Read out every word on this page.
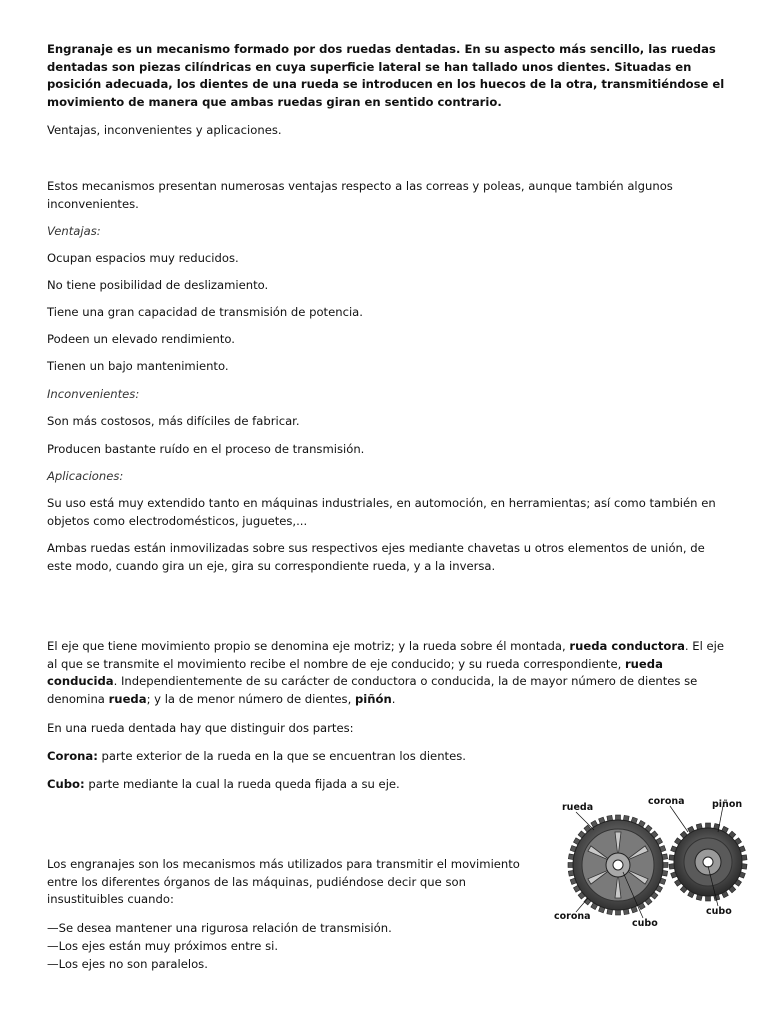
Engranaje es un mecanismo formado por dos ruedas dentadas. En su aspecto más sencillo, las ruedas dentadas son piezas cilíndricas en cuya superficie lateral se han tallado unos dientes. Situadas en posición adecuada, los dientes de una rueda se introducen en los huecos de la otra, transmitiéndose el movimiento de manera que ambas ruedas giran en sentido contrario.

Ventajas, inconvenientes y aplicaciones.

Estos mecanismos presentan numerosas ventajas respecto a las correas y poleas, aunque también algunos inconvenientes.

Ventajas:

Ocupan espacios muy reducidos.

No tiene posibilidad de deslizamiento.

Tiene una gran capacidad de transmisión de potencia.

Podeen un elevado rendimiento.

Tienen un bajo mantenimiento.

Inconvenientes:

Son más costosos, más difíciles de fabricar.

Producen bastante ruído en el proceso de transmisión.

Aplicaciones:

Su uso está muy extendido tanto en máquinas industriales, en automoción, en herramientas; así como también en objetos como electrodomésticos, juguetes,...

Ambas ruedas están inmovilizadas sobre sus respectivos ejes mediante chavetas u otros elementos de unión, de este modo, cuando gira un eje, gira su correspondiente rueda, y a la inversa.

El eje que tiene movimiento propio se denomina eje motriz; y la rueda sobre él montada, rueda conductora. El eje al que se transmite el movimiento recibe el nombre de eje conducido; y su rueda correspondiente, rueda conducida. Independientemente de su carácter de conductora o conducida, la de mayor número de dientes se denomina rueda; y la de menor número de dientes, piñón.

En una rueda dentada hay que distinguir dos partes:

Corona: parte exterior de la rueda en la que se encuentran los dientes.

Cubo: parte mediante la cual la rueda queda fijada a su eje.

Los engranajes son los mecanismos más utilizados para transmitir el movimiento entre los diferentes órganos de las máquinas, pudiéndose decir que son insustituibles cuando:

—Se desea mantener una rigurosa relación de transmisión.

—Los ejes están muy próximos entre si.

—Los ejes no son paralelos.

rueda
corona	piñon
corona
cubo
cubo
